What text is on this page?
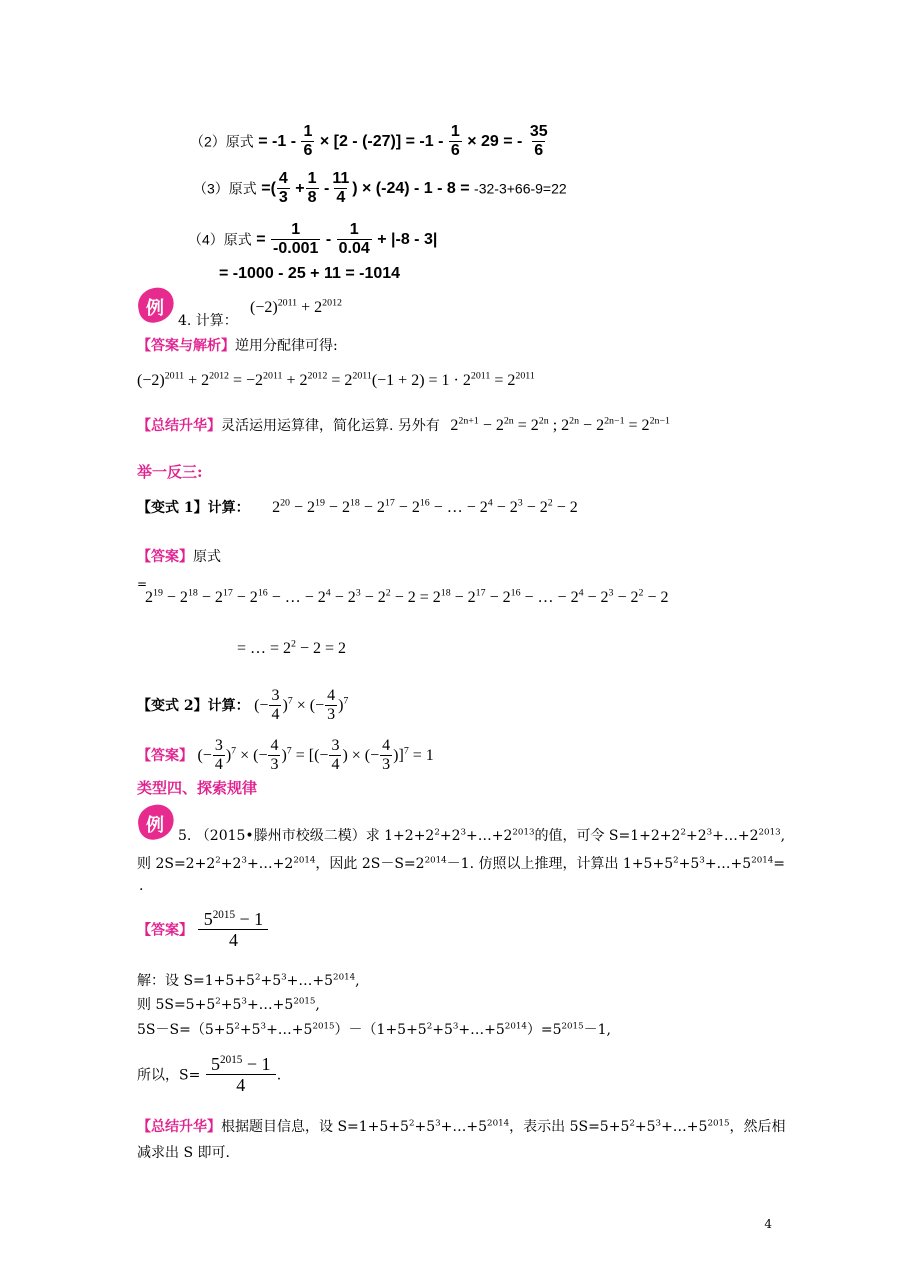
（2）原式 = $-1 - \frac{1}{6} \times [2 - (-27)] = -1 - \frac{1}{6} \times 29$ = - $\frac{35}{6}$
（3）原式 =( $\frac{4}{3} + \frac{1}{8} - \frac{11}{4}$ ) × (-24) - 1 - 8 = -32-3+66-9=22
（4）原式 = $\frac{1}{-0.001} - \frac{1}{0.04} + |-8 - 3|$
= -1000 - 25 + 11 = -1014
例	$(-2)^{2011} + 2^{2012}$
4. 计算：
【答案与解析】逆用分配律可得:
$(-2)^{2011} + 2^{2012} = -2^{2011} + 2^{2012} = 2^{2011}(-1 + 2) = 1 \cdot 2^{2011} = 2^{2011}$
【总结升华】灵活运用运算律，简化运算. 另外有 $2^{2n+1} - 2^{2n} = 2^{2n}$ ; $2^{2n} - 2^{2n-1} = 2^{2n-1}$
举一反三:
【变式 1】计算： $2^{20} - 2^{19} - 2^{18} - 2^{17} - 2^{16}$ − … − $2^4 - 2^3 - 2^2 - 2$
【答案】原式
=
$2^{19} - 2^{18} - 2^{17} - 2^{16}$ − … − $2^4 - 2^3 - 2^2 - 2 = 2^{18} - 2^{17} - 2^{16}$ − … − $2^4 - 2^3 - 2^2 - 2$
= … = $2^2 - 2 = 2$
【变式 2】计算： (− $\frac{3}{4} )^7$ × (− $\frac{4}{3} )^7$
【答案】 (− $\frac{3}{4} )^7$ × (− $\frac{4}{3} )^7$ = [(− $\frac{3}{4}$ ) × (− $\frac{4}{3} )]^7 = 1$
类型四、探索规律
例 5. （2015•滕州市校级二模）求 $1+2+2^2+2^3+\dots+2^{2013}$的值，可令 $S=1+2+2^2+2^3+\dots+2^{2013}$,
则 $2S=2+2^2+2^3+\dots+2^{2014}$，因此 $2S-S=2^{2014}-1$. 仿照以上推理，计算出 $1+5+5^2+5^3+\dots+5^{2014}=$
.
【答案】 $\frac{5^{2015} - 1}{4}$
解：设 $S=1+5+5^2+5^3+\dots+5^{2014}$,
则 $5S=5+5^2+5^3+\dots+5^{2015}$,
$5S-S=(5+5^2+5^3+\dots+5^{2015})-(1+5+5^2+5^3+\dots+5^{2014})=5^{2015}-1$,
所以，$S= \frac{5^{2015} - 1}{4}$ .
【总结升华】根据题目信息，设 $S=1+5+5^2+5^3+\dots+5^{2014}$，表示出 $5S=5+5^2+5^3+\dots+5^{2015}$，然后相
减求出 S 即可.
4
